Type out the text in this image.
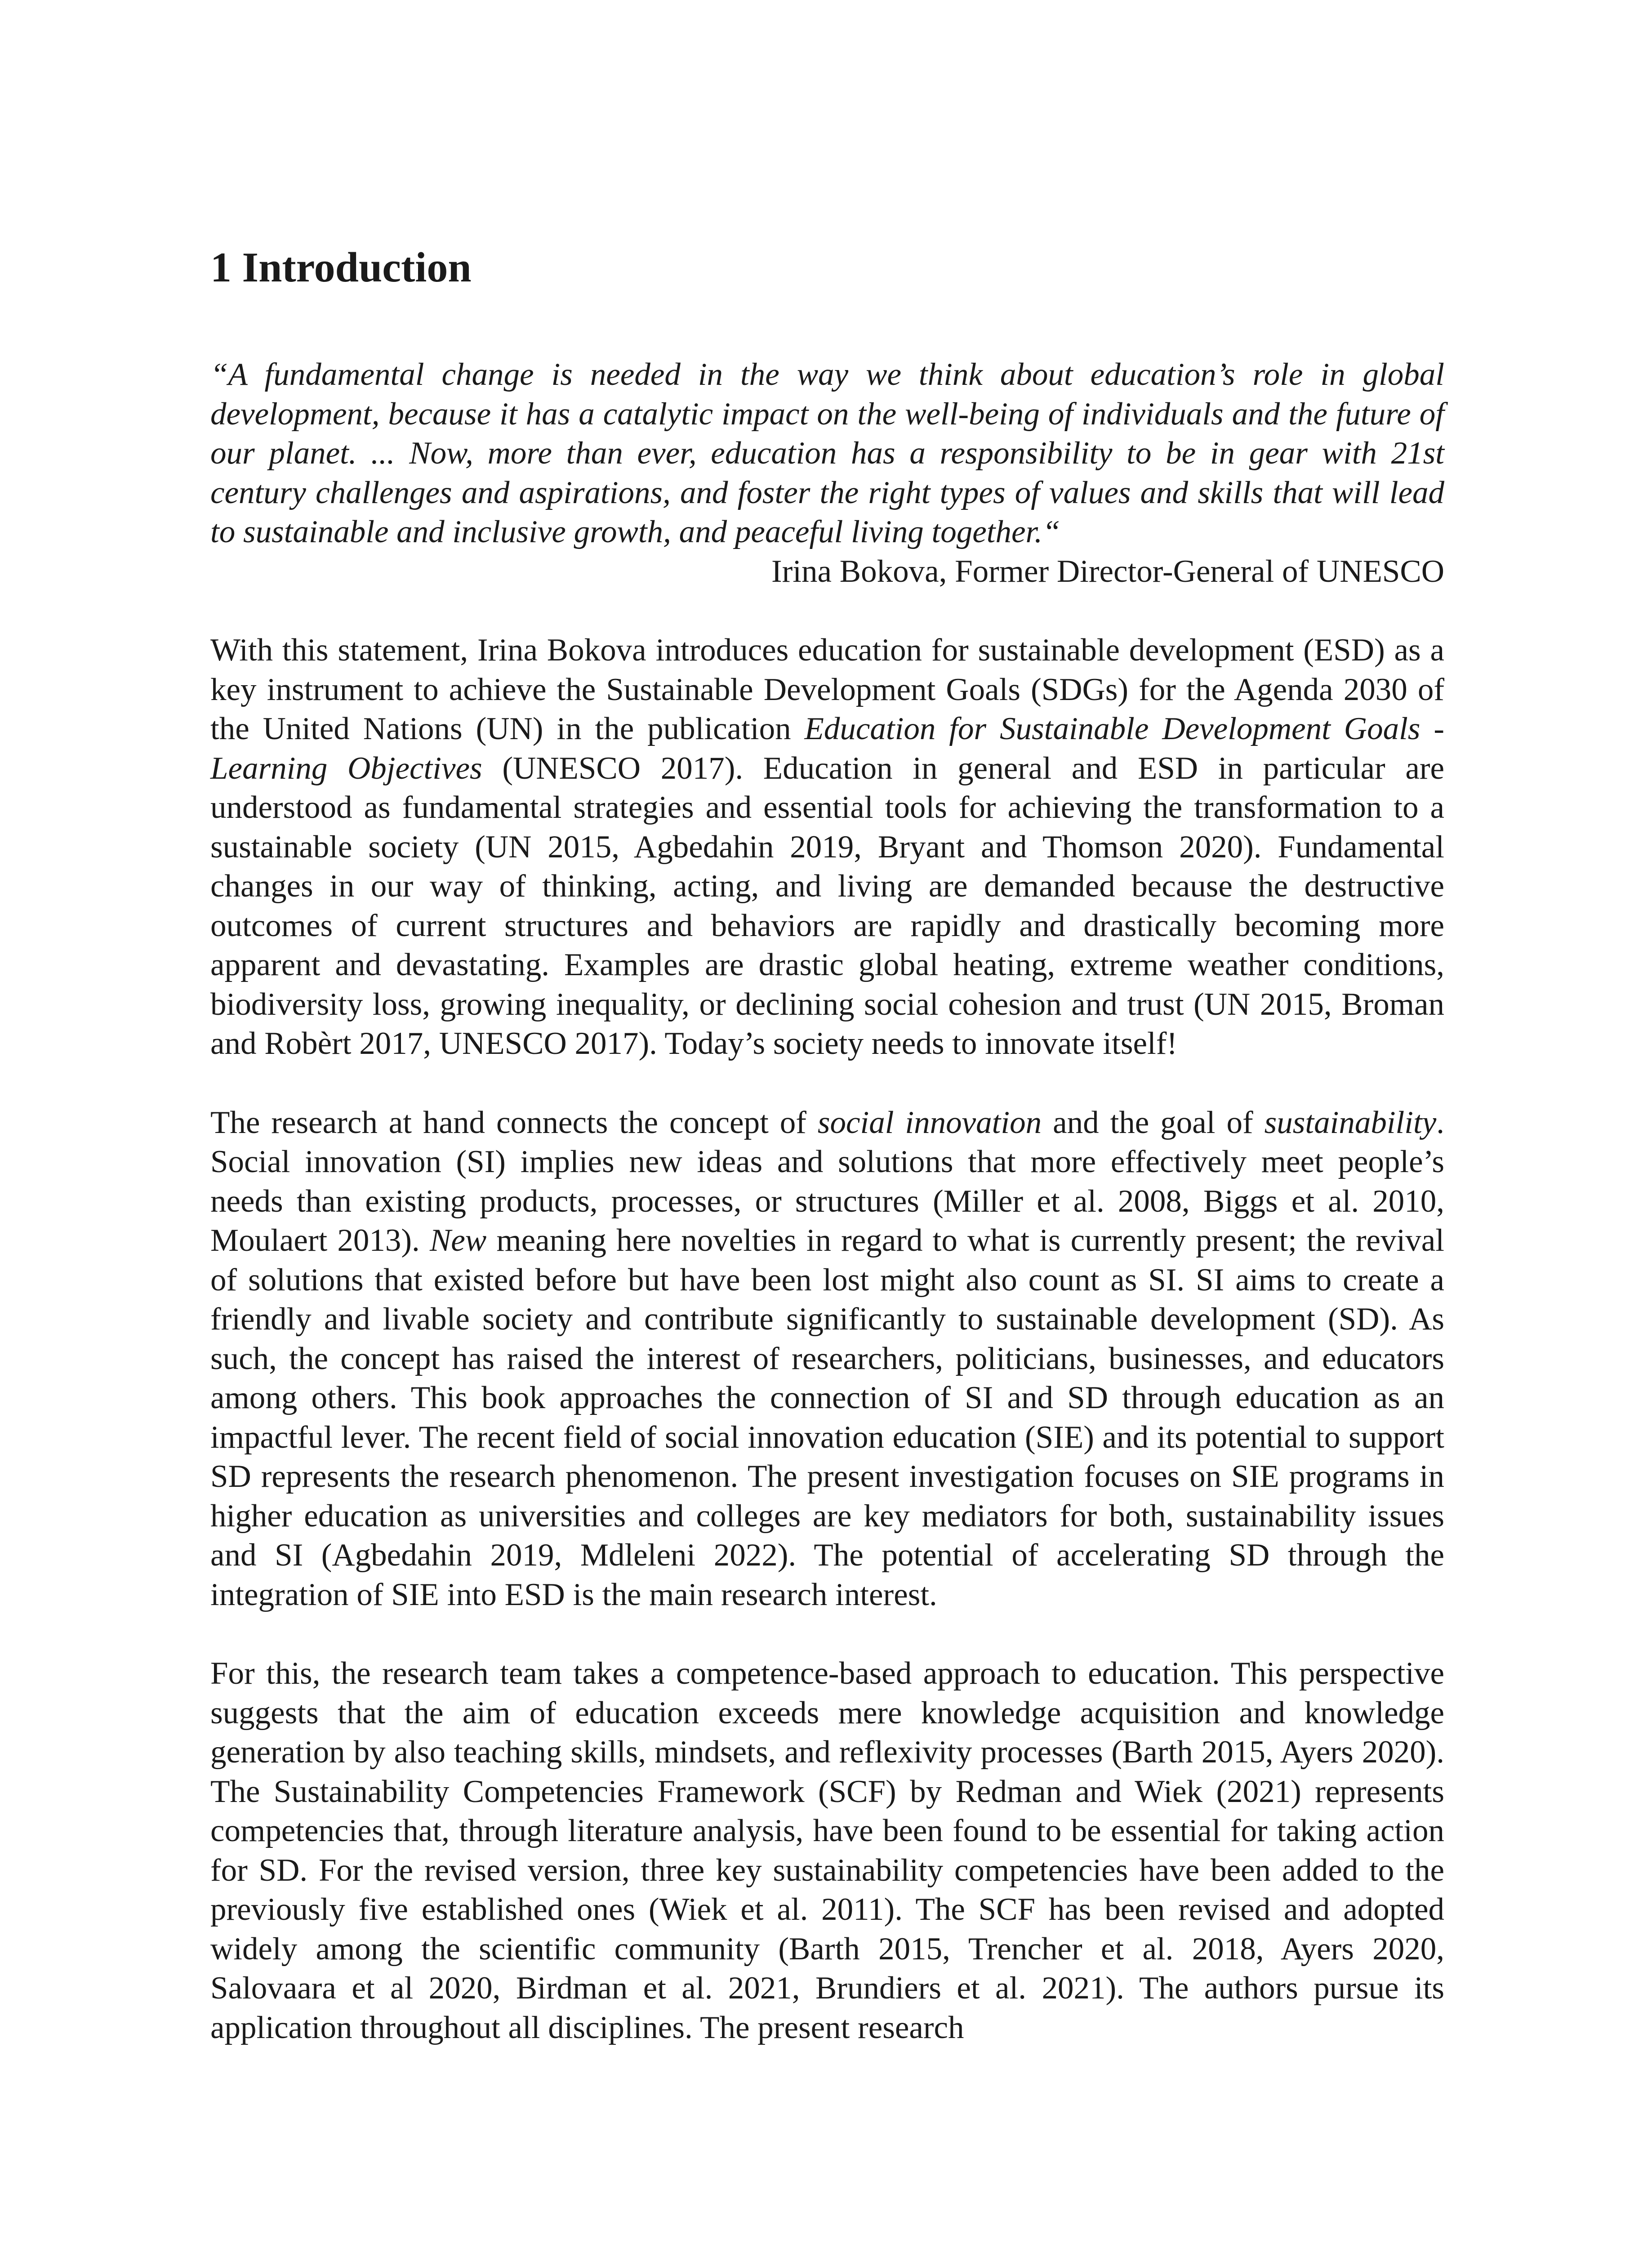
1 Introduction

“A fundamental change is needed in the way we think about education’s role in global development, because it has a catalytic impact on the well-being of individuals and the future of our planet. ... Now, more than ever, education has a responsibility to be in gear with 21st century challenges and aspirations, and foster the right types of values and skills that will lead to sustainable and inclusive growth, and peaceful living together.“

Irina Bokova, Former Director-General of UNESCO

With this statement, Irina Bokova introduces education for sustainable development (ESD) as a key instrument to achieve the Sustainable Development Goals (SDGs) for the Agenda 2030 of the United Nations (UN) in the publication Education for Sustainable Development Goals - Learning Objectives (UNESCO 2017). Education in general and ESD in particular are understood as fundamental strategies and essential tools for achieving the transformation to a sustainable society (UN 2015, Agbedahin 2019, Bryant and Thomson 2020). Fundamental changes in our way of thinking, acting, and living are demanded because the destructive outcomes of current structures and behaviors are rapidly and drastically becoming more apparent and devastating. Examples are drastic global heating, extreme weather conditions, biodiversity loss, growing inequality, or declining social cohesion and trust (UN 2015, Broman and Robèrt 2017, UNESCO 2017). Today’s society needs to innovate itself!

The research at hand connects the concept of social innovation and the goal of sustainability. Social innovation (SI) implies new ideas and solutions that more effectively meet people’s needs than existing products, processes, or structures (Miller et al. 2008, Biggs et al. 2010, Moulaert 2013). New meaning here novelties in regard to what is currently present; the revival of solutions that existed before but have been lost might also count as SI. SI aims to create a friendly and livable society and contribute significantly to sustainable development (SD). As such, the concept has raised the interest of researchers, politicians, businesses, and educators among others. This book approaches the connection of SI and SD through education as an impactful lever. The recent field of social innovation education (SIE) and its potential to support SD represents the research phenomenon. The present investigation focuses on SIE programs in higher education as universities and colleges are key mediators for both, sustainability issues and SI (Agbedahin 2019, Mdleleni 2022). The potential of accelerating SD through the integration of SIE into ESD is the main research interest.

For this, the research team takes a competence-based approach to education. This perspective suggests that the aim of education exceeds mere knowledge acquisition and knowledge generation by also teaching skills, mindsets, and reflexivity processes (Barth 2015, Ayers 2020). The Sustainability Competencies Framework (SCF) by Redman and Wiek (2021) represents competencies that, through literature analysis, have been found to be essential for taking action for SD. For the revised version, three key sustainability competencies have been added to the previously five established ones (Wiek et al. 2011). The SCF has been revised and adopted widely among the scientific community (Barth 2015, Trencher et al. 2018, Ayers 2020, Salovaara et al 2020, Birdman et al. 2021, Brundiers et al. 2021). The authors pursue its application throughout all disciplines. The present research
